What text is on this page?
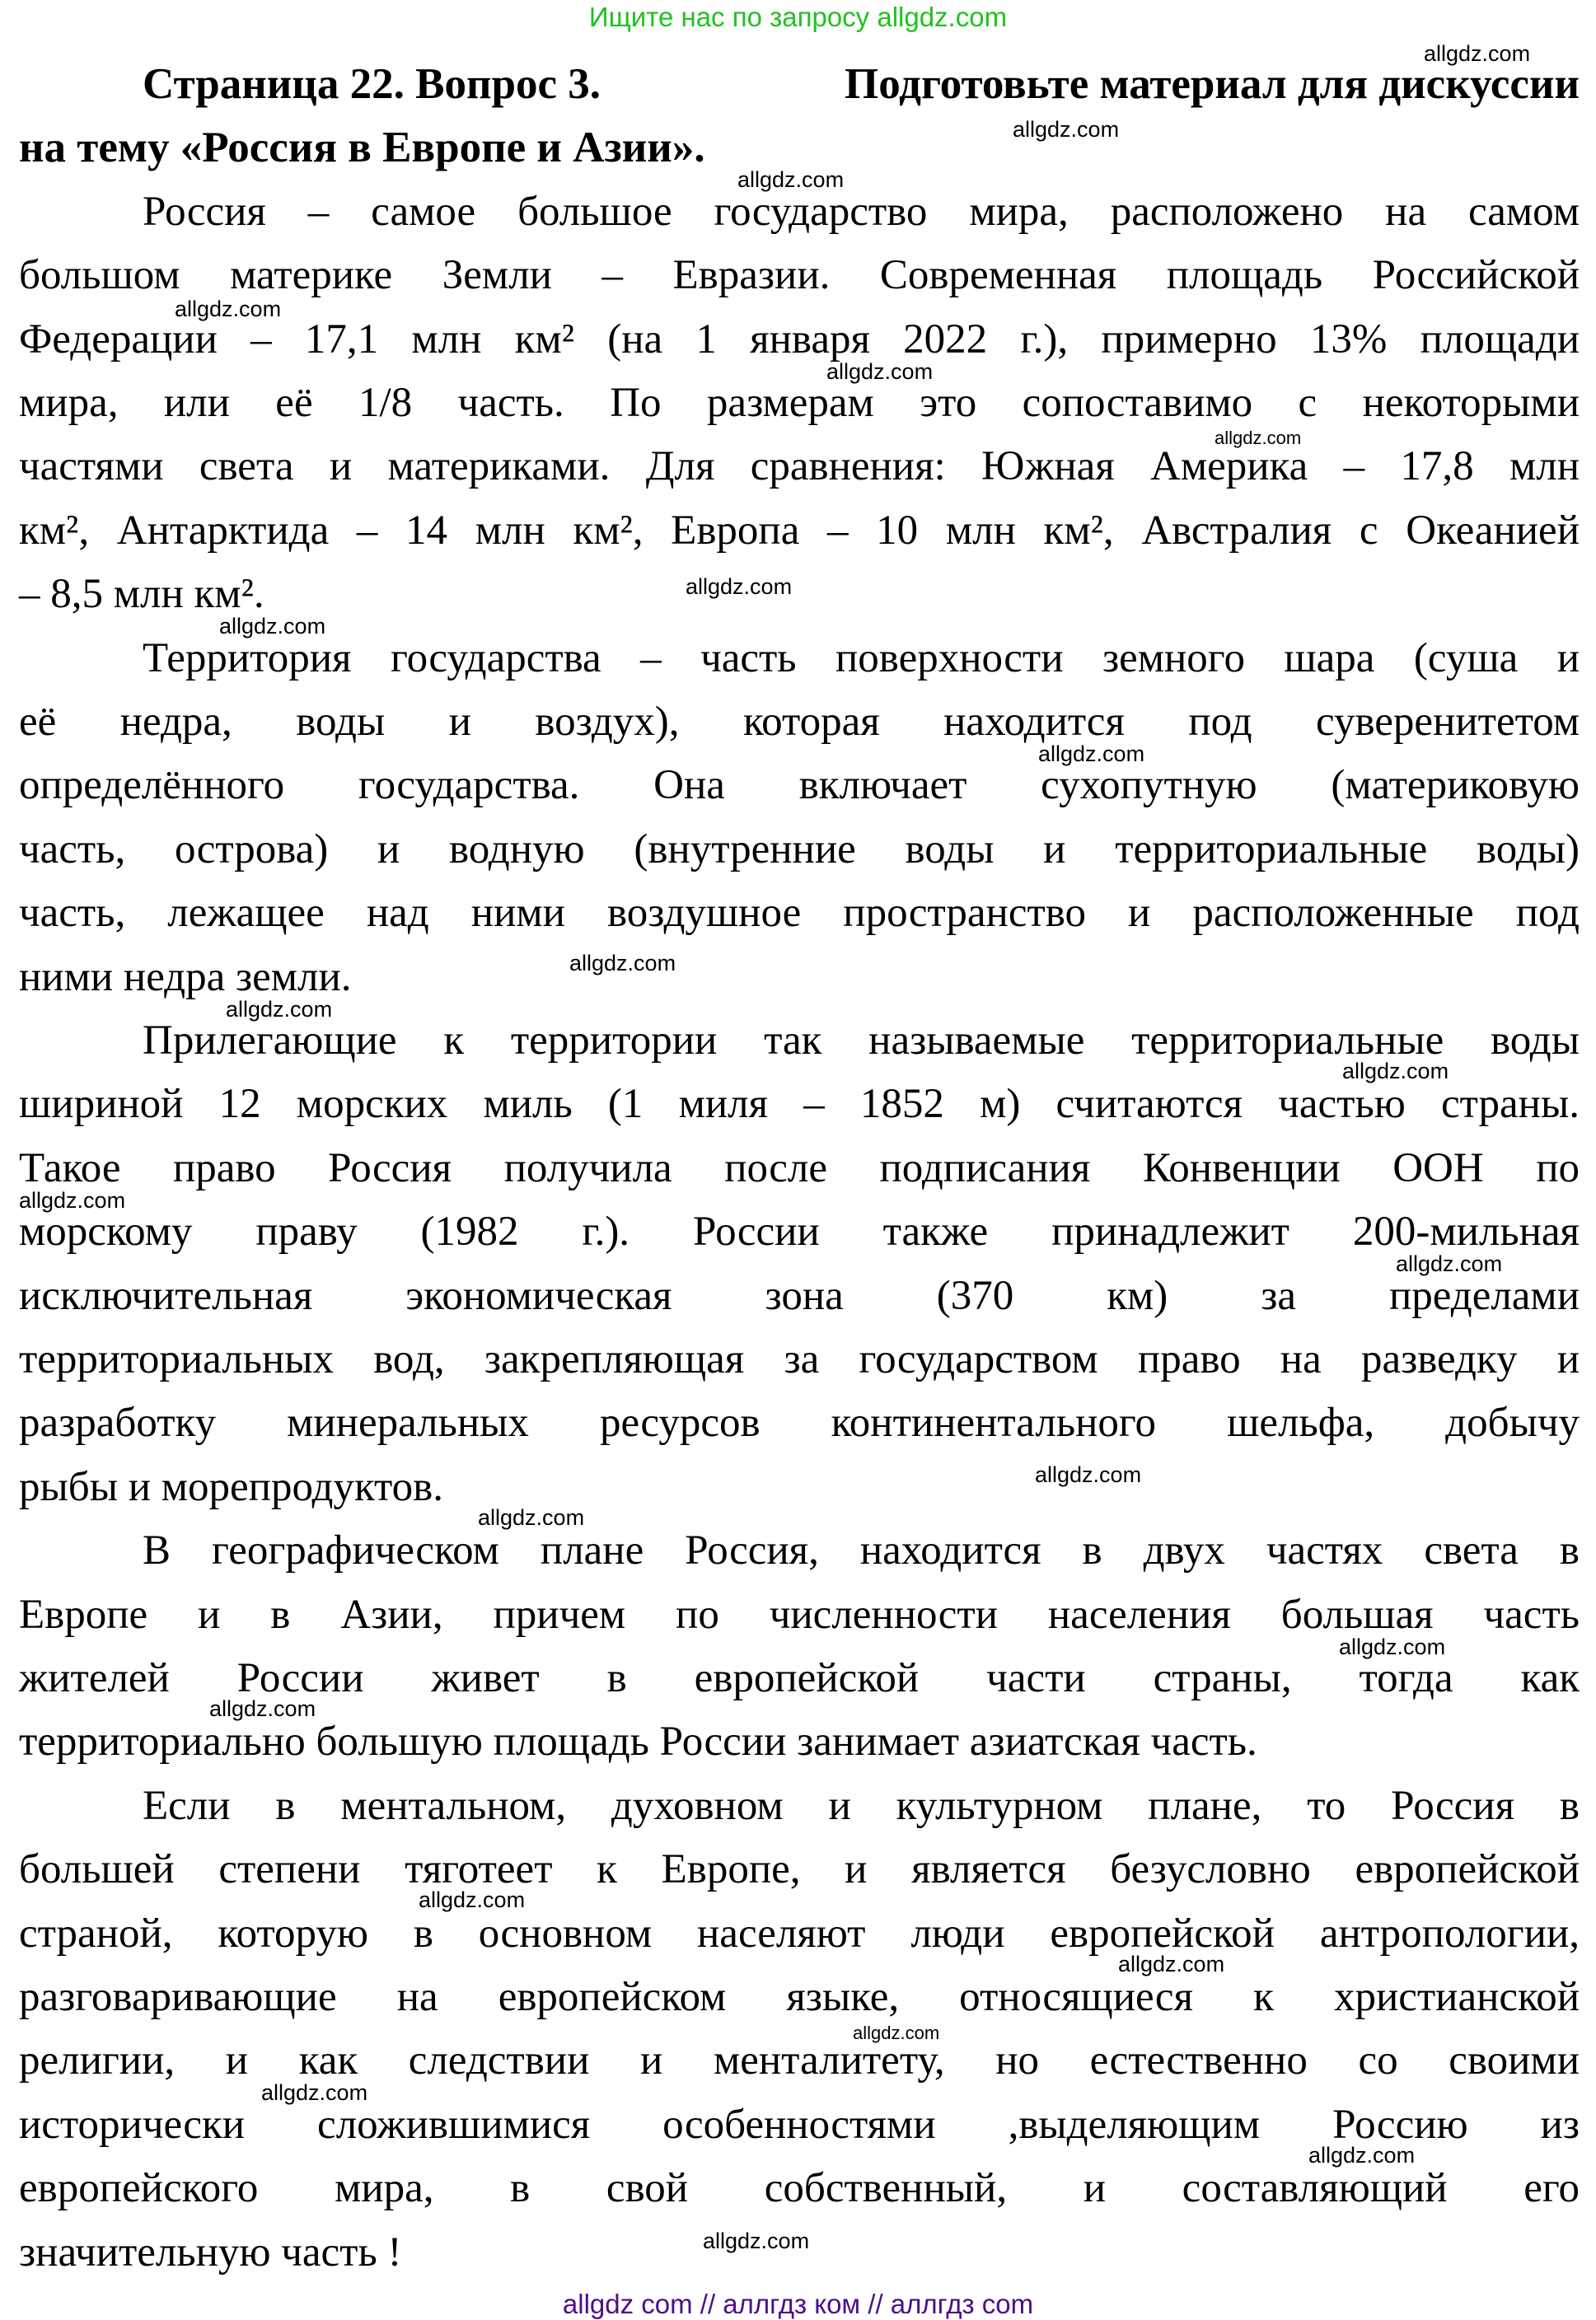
Ищите нас по запросу allgdz.com
Страница 22. Вопрос 3.	Подготовьте материал для дискуссии
на тему «Россия в Европе и Азии».
Россия – самое большое государство мира, расположено на самом
большом материке Земли – Евразии. Современная площадь Российской
Федерации – 17,1 млн км² (на 1 января 2022 г.), примерно 13% площади
мира, или её 1/8 часть. По размерам это сопоставимо с некоторыми
частями света и материками. Для сравнения: Южная Америка – 17,8 млн
км², Антарктида – 14 млн км², Европа – 10 млн км², Австралия с Океанией
– 8,5 млн км².
Территория государства – часть поверхности земного шара (суша и
её недра, воды и воздух), которая находится под суверенитетом
определённого государства. Она включает сухопутную (материковую
часть, острова) и водную (внутренние воды и территориальные воды)
часть, лежащее над ними воздушное пространство и расположенные под
ними недра земли.
Прилегающие к территории так называемые территориальные воды
шириной 12 морских миль (1 миля – 1852 м) считаются частью страны.
Такое право Россия получила после подписания Конвенции ООН по
морскому праву (1982 г.). России также принадлежит 200-мильная
исключительная экономическая зона (370 км) за пределами
территориальных вод, закрепляющая за государством право на разведку и
разработку минеральных ресурсов континентального шельфа, добычу
рыбы и морепродуктов.
В географическом плане Россия, находится в двух частях света в
Европе и в Азии, причем по численности населения большая часть
жителей России живет в европейской части страны, тогда как
территориально большую площадь России занимает азиатская часть.
Если в ментальном, духовном и культурном плане, то Россия в
большей степени тяготеет к Европе, и является безусловно европейской
страной, которую в основном населяют люди европейской антропологии,
разговаривающие на европейском языке, относящиеся к христианской
религии, и как следствии и менталитету, но естественно со своими
исторически сложившимися особенностями ,выделяющим Россию из
европейского мира, в свой собственный, и составляющий его
значительную часть !
allgdz.com
allgdz.com
allgdz.com
allgdz.com
allgdz.com
allgdz.com
allgdz.com
allgdz.com
allgdz.com
allgdz.com
allgdz.com
allgdz.com
allgdz.com
allgdz.com
allgdz.com
allgdz.com
allgdz.com
allgdz.com
allgdz.com
allgdz.com
allgdz.com
allgdz.com
allgdz.com
allgdz.com
allgdz com // аллгдз ком // аллгдз com
